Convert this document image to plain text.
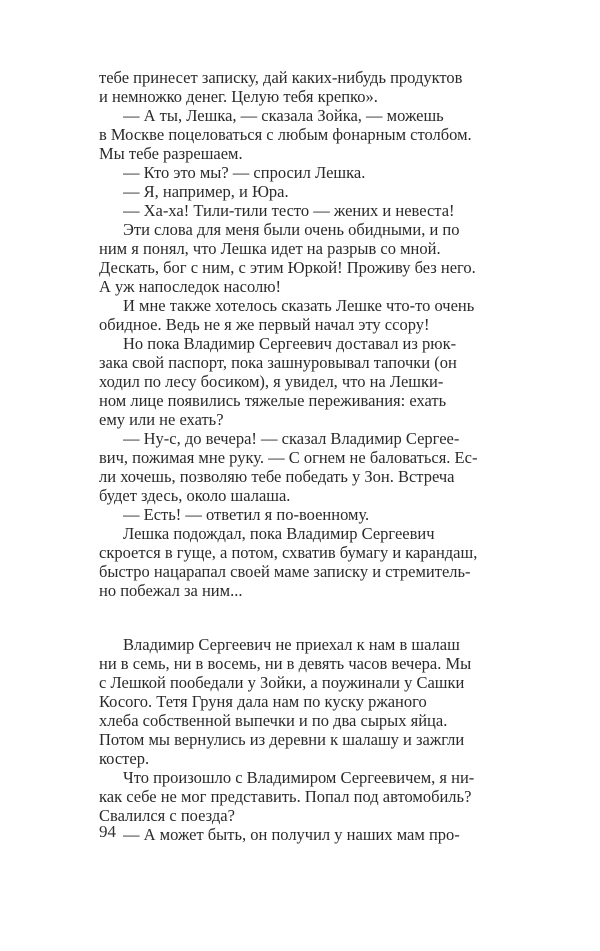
тебе принесет записку, дай каких-нибудь продуктов
и немножко денег. Целую тебя крепко».
— А ты, Лешка, — сказала Зойка, — можешь
в Москве поцеловаться с любым фонарным столбом.
Мы тебе разрешаем.
— Кто это мы? — спросил Лешка.
— Я, например, и Юра.
— Ха-ха! Тили-тили тесто — жених и невеста!
Эти слова для меня были очень обидными, и по
ним я понял, что Лешка идет на разрыв со мной.
Дескать, бог с ним, с этим Юркой! Проживу без него.
А уж напоследок насолю!
И мне также хотелось сказать Лешке что-то очень
обидное. Ведь не я же первый начал эту ссору!
Но пока Владимир Сергеевич доставал из рюк-
зака свой паспорт, пока зашнуровывал тапочки (он
ходил по лесу босиком), я увидел, что на Лешки-
ном лице появились тяжелые переживания: ехать
ему или не ехать?
— Ну-с, до вечера! — сказал Владимир Сергее-
вич, пожимая мне руку. — С огнем не баловаться. Ес-
ли хочешь, позволяю тебе победать у Зон. Встреча
будет здесь, около шалаша.
— Есть! — ответил я по-военному.
Лешка подождал, пока Владимир Сергеевич
скроется в гуще, а потом, схватив бумагу и карандаш,
быстро нацарапал своей маме записку и стремитель-
но побежал за ним...
Владимир Сергеевич не приехал к нам в шалаш
ни в семь, ни в восемь, ни в девять часов вечера. Мы
с Лешкой пообедали у Зойки, а поужинали у Сашки
Косого. Тетя Груня дала нам по куску ржаного
хлеба собственной выпечки и по два сырых яйца.
Потом мы вернулись из деревни к шалашу и зажгли
костер.
Что произошло с Владимиром Сергеевичем, я ни-
как себе не мог представить. Попал под автомобиль?
Свалился с поезда?
— А может быть, он получил у наших мам про-
94
